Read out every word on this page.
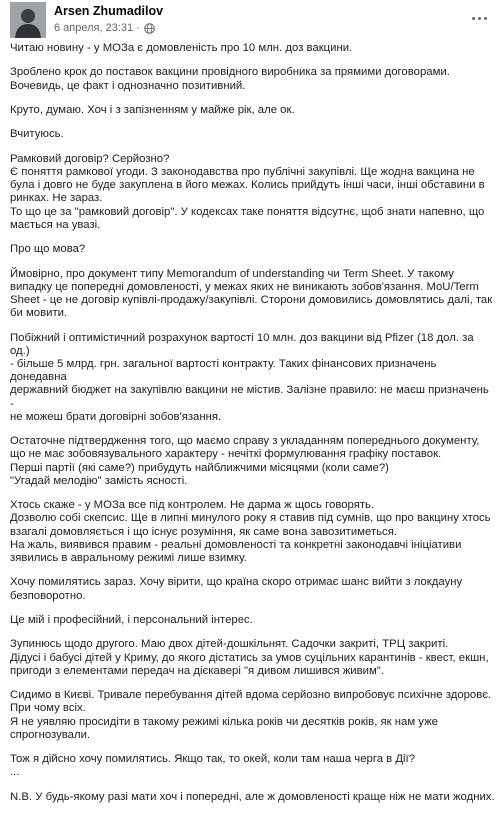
Arsen Zhumadilov
6 апреля, 23:31 ·

Читаю новину - у МОЗа є домовленість про 10 млн. доз вакцини.

Зроблено крок до поставок вакцини провідного виробника за прямими договорами.
Вочевидь, це факт і однозначно позитивний.

Круто, думаю. Хоч і з запізненням у майже рік, але ок.

Вчитуюсь.

Рамковий договір? Серйозно?
Є поняття рамкової угоди. З законодавства про публічні закупівлі. Ще жодна вакцина не
була і довго не буде закуплена в його межах. Колись прийдуть інші часи, інші обставини в
ринках. Не зараз.
То що це за "рамковий договір". У кодексах таке поняття відсутнє, щоб знати напевно, що
мається на увазі.

Про що мова?

Ймовірно, про документ типу Memorandum of understanding чи Term Sheet. У такому
випадку це попередні домовленості, у межах яких не виникають зобов'язання. MoU/Term
Sheet - це не договір купівлі-продажу/закупівлі. Сторони домовились домовлятись далі, так
би мовити.

Побіжний і оптимістичний розрахунок вартості 10 млн. доз вакцини від Pfizer (18 дол. за од.)
- більше 5 млрд. грн. загальної вартості контракту. Таких фінансових призначень донедавна
державний бюджет на закупівлю вакцини не містив. Залізне правило: не маєш призначень -
не можеш брати договірні зобов'язання.

Остаточне підтвердження того, що маємо справу з укладанням попереднього документу,
що не має зобовязувального характеру - нечіткі формулювання графіку поставок.
Перші партії (які саме?) прибудуть найближчими місяцями (коли саме?)
"Угадай мелодію" замість ясності.

Хтось скаже - у МОЗа все під контролем. Не дарма ж щось говорять.
Дозволю собі скепсис. Ще в липні минулого року я ставив під сумнів, що про вакцину хтось
взагалі домовляється і що існує розуміння, як саме вона завозитиметься.
На жаль, виявився правим - реальні домовленості та конкретні законодавчі ініціативи
зявились в авральному режимі лише взимку.

Хочу помилятись зараз. Хочу вірити, що країна скоро отримає шанс вийти з локдауну
безповоротно.

Це мій і професійний, і персональний інтерес.

Зупинюсь щодо другого. Маю двох дітей-дошкільнят. Садочки закриті, ТРЦ закриті.
Дідусі і бабусі дітей у Криму, до якого дістатись за умов суцільних карантинів - квест, екшн,
пригоди з елементами передач на дієкавері "я дивом лишився живим".

Сидимо в Києві. Тривале перебування дітей вдома серйозно випробовує психічне здоровє.
При чому всіх.
Я не уявляю просидіти в такому режимі кілька років чи десятків років, як нам уже
спрогнозували.

Тож я дійсно хочу помилятись. Якщо так, то окей, коли там наша черга в Дії?
...

N.B. У будь-якому разі мати хоч і попередні, але ж домовленості краще ніж не мати жодних.
